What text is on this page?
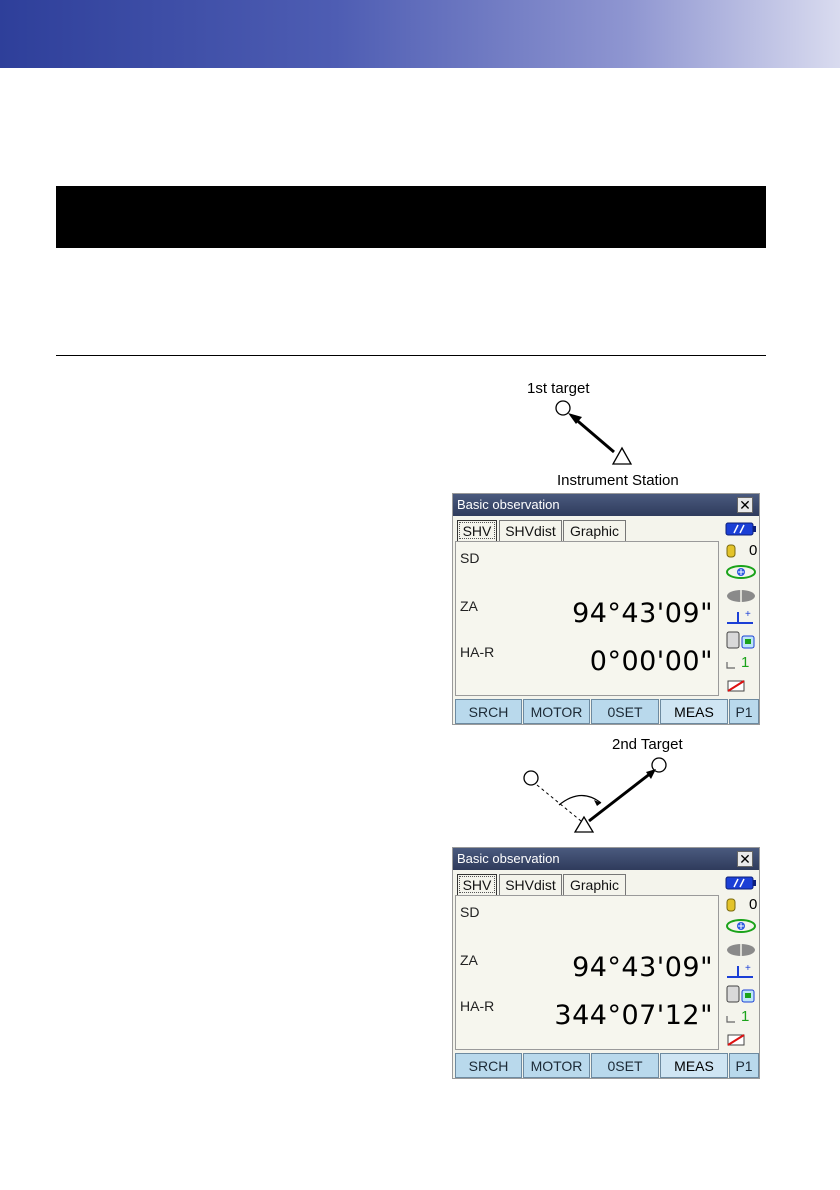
1st target
Instrument Station
Basic observation	✕
SHV SHVdist	Graphic
SD
ZA	94°43'09"
HA-R	0°00'00"
0
+
1
SRCH	MOTOR	0SET	MEAS	P1
2nd Target
Basic observation	✕
SHV SHVdist	Graphic
SD
ZA	94°43'09"
HA-R 344°07'12"
0
+
1
SRCH	MOTOR	0SET	MEAS	P1
